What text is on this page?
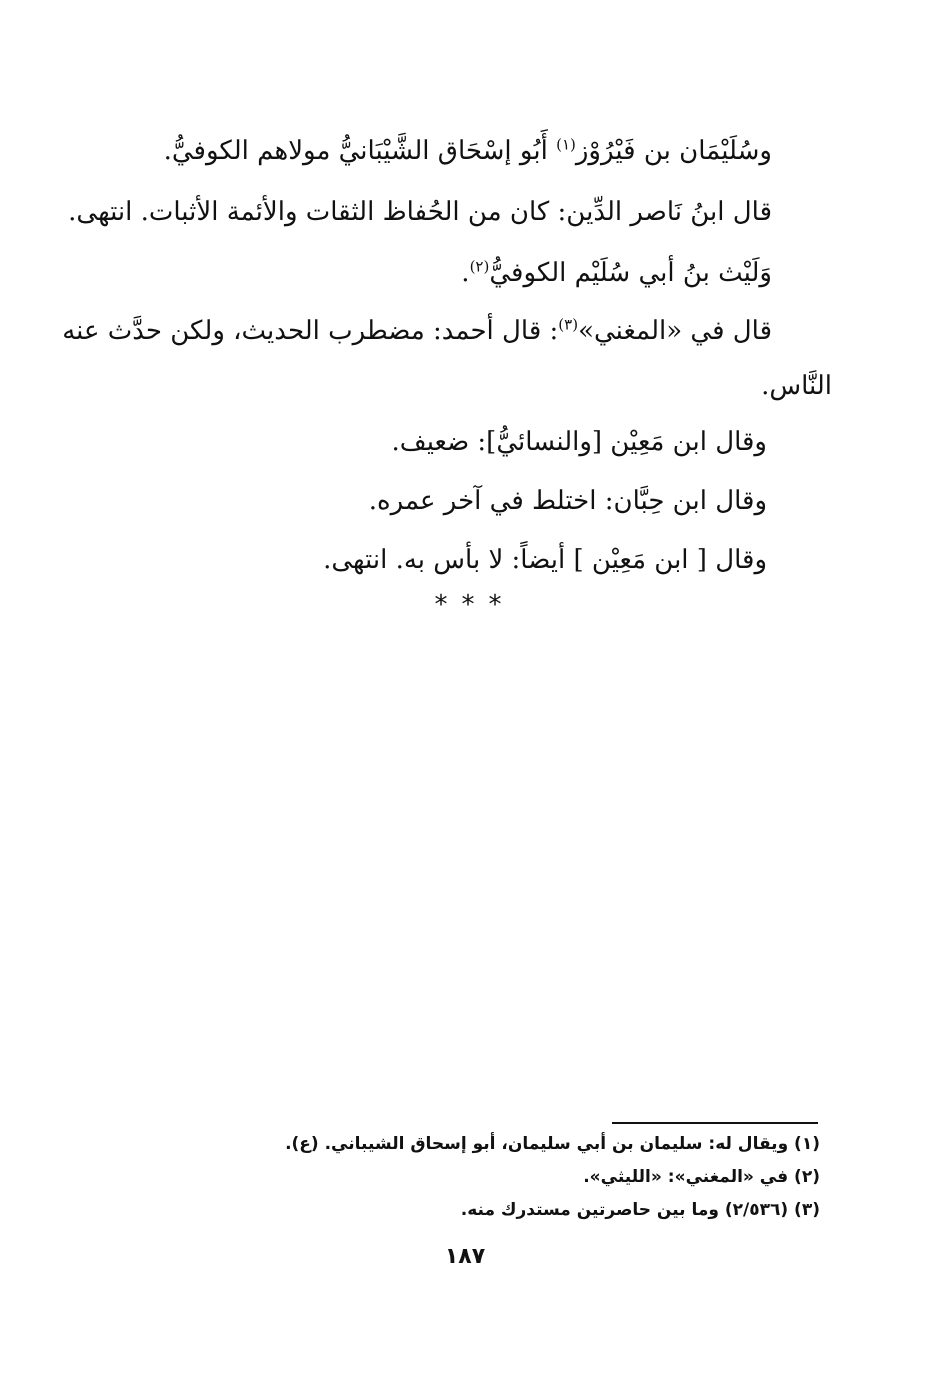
وسُلَيْمَان بن فَيْرُوْز$^{(١)}$ أَبُو إسْحَاق الشَّيْبَانيُّ مولاهم الكوفيُّ.
قال ابنُ نَاصر الدِّين: كان من الحُفاظ الثقات والأئمة الأثبات. انتهى.
وَلَيْث بنُ أبي سُلَيْم الكوفيُّ$^{(٢)}$.
قال في «المغني»$^{(٣)}$: قال أحمد: مضطرب الحديث، ولكن حدَّث عنه
النَّاس.
وقال ابن مَعِيْن [والنسائيُّ]: ضعيف.
وقال ابن حِبَّان: اختلط في آخر عمره.
وقال [ ابن مَعِيْن ] أيضاً: لا بأس به. انتهى.
***
(١) ويقال له: سليمان بن أبي سليمان، أبو إسحاق الشيباني. (ع).
(٢) في «المغني»: «الليثي».
(٣) (٢/٥٣٦) وما بين حاصرتين مستدرك منه.
١٨٧
